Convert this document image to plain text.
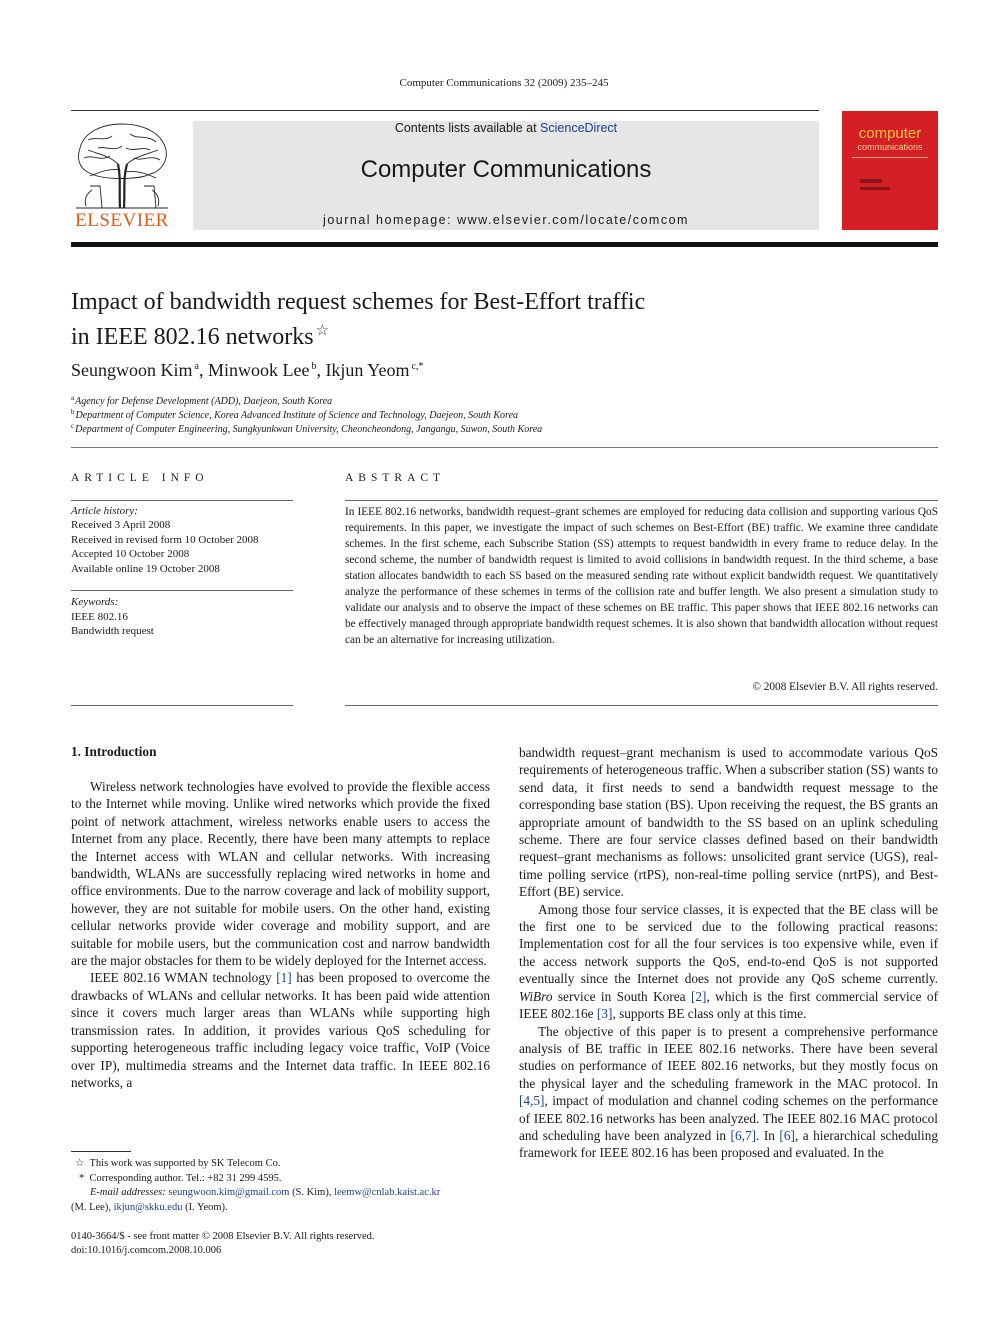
Computer Communications 32 (2009) 235–245
ELSEVIER
Contents lists available at ScienceDirect
Computer Communications
journal homepage: www.elsevier.com/locate/comcom
computer
communications
Impact of bandwidth request schemes for Best-Effort traffic
in IEEE 802.16 networks ☆
Seungwoon Kim $^a$, Minwook Lee $^b$, Ikjun Yeom $^{c,*}$
$^a$Agency for Defense Development (ADD), Daejeon, South Korea
$^b$Department of Computer Science, Korea Advanced Institute of Science and Technology, Daejeon, South Korea
$^c$Department of Computer Engineering, Sungkyunkwan University, Cheoncheondong, Jangangu, Suwon, South Korea
ARTICLE INFO
Article history:
Received 3 April 2008
Received in revised form 10 October 2008
Accepted 10 October 2008
Available online 19 October 2008
Keywords:
IEEE 802.16
Bandwidth request
ABSTRACT
In IEEE 802.16 networks, bandwidth request–grant schemes are employed for reducing data collision and supporting various QoS requirements. In this paper, we investigate the impact of such schemes on Best-Effort (BE) traffic. We examine three candidate schemes. In the first scheme, each Subscribe Station (SS) attempts to request bandwidth in every frame to reduce delay. In the second scheme, the number of bandwidth request is limited to avoid collisions in bandwidth request. In the third scheme, a base station allocates bandwidth to each SS based on the measured sending rate without explicit bandwidth request. We quantitatively analyze the performance of these schemes in terms of the collision rate and buffer length. We also present a simulation study to validate our analysis and to observe the impact of these schemes on BE traffic. This paper shows that IEEE 802.16 networks can be effectively managed through appropriate bandwidth request schemes. It is also shown that bandwidth allocation without request can be an alternative for increasing utilization.
© 2008 Elsevier B.V. All rights reserved.
1. Introduction

Wireless network technologies have evolved to provide the flexible access to the Internet while moving. Unlike wired networks which provide the fixed point of network attachment, wireless networks enable users to access the Internet from any place. Recently, there have been many attempts to replace the Internet access with WLAN and cellular networks. With increasing bandwidth, WLANs are successfully replacing wired networks in home and office environments. Due to the narrow coverage and lack of mobility support, however, they are not suitable for mobile users. On the other hand, existing cellular networks provide wider coverage and mobility support, and are suitable for mobile users, but the communication cost and narrow bandwidth are the major obstacles for them to be widely deployed for the Internet access.

IEEE 802.16 WMAN technology [1] has been proposed to overcome the drawbacks of WLANs and cellular networks. It has been paid wide attention since it covers much larger areas than WLANs while supporting high transmission rates. In addition, it provides various QoS scheduling for supporting heterogeneous traffic including legacy voice traffic, VoIP (Voice over IP), multimedia streams and the Internet data traffic. In IEEE 802.16 networks, a

bandwidth request–grant mechanism is used to accommodate various QoS requirements of heterogeneous traffic. When a subscriber station (SS) wants to send data, it first needs to send a bandwidth request message to the corresponding base station (BS). Upon receiving the request, the BS grants an appropriate amount of bandwidth to the SS based on an uplink scheduling scheme. There are four service classes defined based on their bandwidth request–grant mechanisms as follows: unsolicited grant service (UGS), real-time polling service (rtPS), non-real-time polling service (nrtPS), and Best-Effort (BE) service.

Among those four service classes, it is expected that the BE class will be the first one to be serviced due to the following practical reasons: Implementation cost for all the four services is too expensive while, even if the access network supports the QoS, end-to-end QoS is not supported eventually since the Internet does not provide any QoS scheme currently. WiBro service in South Korea [2], which is the first commercial service of IEEE 802.16e [3], supports BE class only at this time.

The objective of this paper is to present a comprehensive performance analysis of BE traffic in IEEE 802.16 networks. There have been several studies on performance of IEEE 802.16 networks, but they mostly focus on the physical layer and the scheduling framework in the MAC protocol. In [4,5], impact of modulation and channel coding schemes on the performance of IEEE 802.16 networks has been analyzed. The IEEE 802.16 MAC protocol and scheduling have been analyzed in [6,7]. In [6], a hierarchical scheduling framework for IEEE 802.16 has been proposed and evaluated. In the

☆ This work was supported by SK Telecom Co.
* Corresponding author. Tel.: +82 31 299 4595.
E-mail addresses: seungwoon.kim@gmail.com (S. Kim), leemw@cnlab.kaist.ac.kr
(M. Lee), ikjun@skku.edu (I. Yeom).
0140-3664/$ - see front matter © 2008 Elsevier B.V. All rights reserved.
doi:10.1016/j.comcom.2008.10.006
